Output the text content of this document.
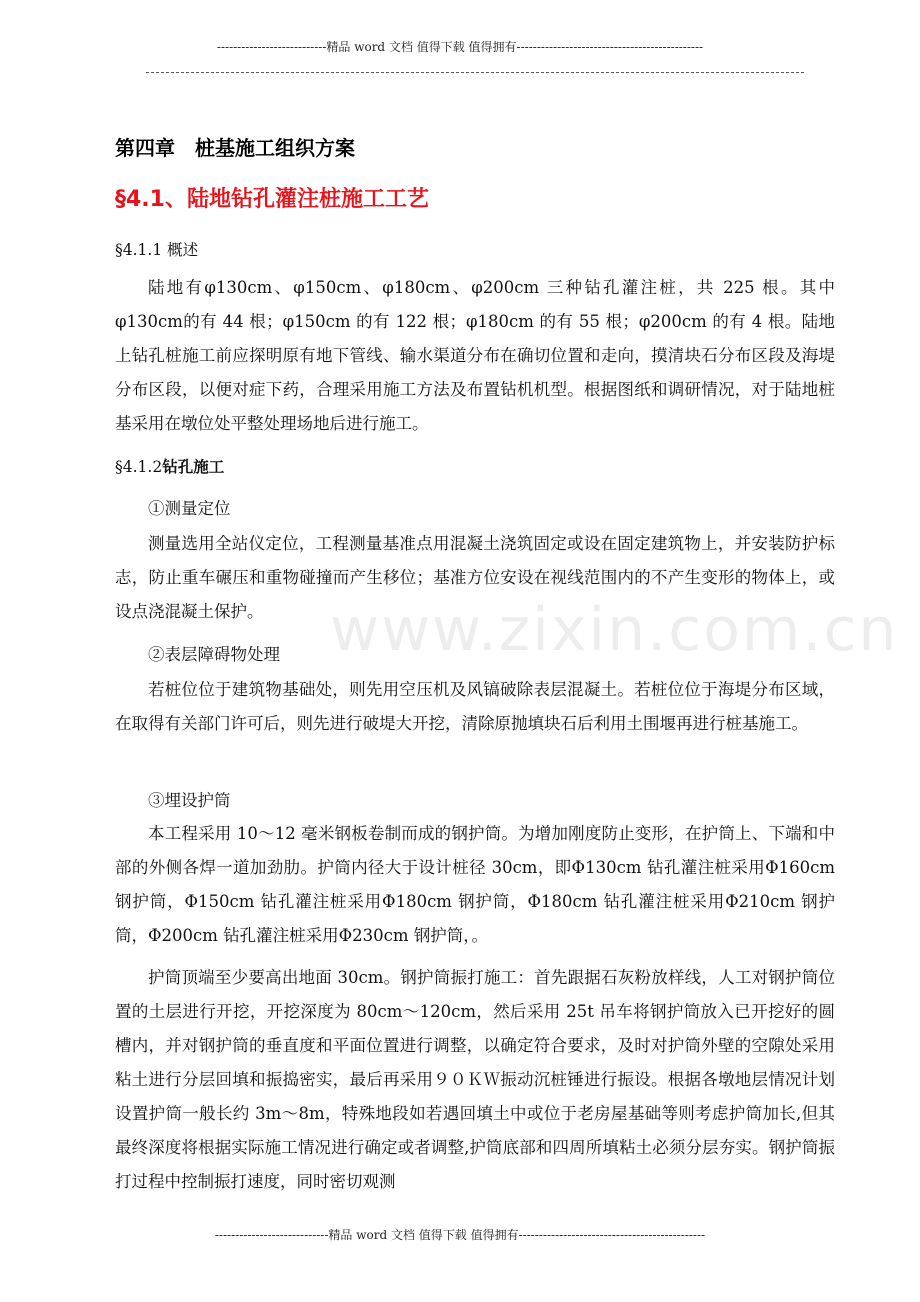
---------------------------精品 word 文档 值得下载 值得拥有----------------------------------------------
www.zixin.com.cn
第四章　桩基施工组织方案
§4.1、陆地钻孔灌注桩施工工艺
§4.1.1 概述

陆地有φ130cm、φ150cm、φ180cm、φ200cm 三种钻孔灌注桩，共 225 根。其中φ130cm的有 44 根；φ150cm 的有 122 根；φ180cm 的有 55 根；φ200cm 的有 4 根。陆地上钻孔桩施工前应探明原有地下管线、输水渠道分布在确切位置和走向，摸清块石分布区段及海堤分布区段，以便对症下药，合理采用施工方法及布置钻机机型。根据图纸和调研情况，对于陆地桩基采用在墩位处平整处理场地后进行施工。

§4.1.2钻孔施工
①测量定位

测量选用全站仪定位，工程测量基准点用混凝土浇筑固定或设在固定建筑物上，并安装防护标志，防止重车碾压和重物碰撞而产生移位；基准方位安设在视线范围内的不产生变形的物体上，或设点浇混凝土保护。

②表层障碍物处理

若桩位位于建筑物基础处，则先用空压机及风镐破除表层混凝土。若桩位位于海堤分布区域，在取得有关部门许可后，则先进行破堤大开挖，清除原抛填块石后利用土围堰再进行桩基施工。

③埋设护筒

本工程采用 10～12 毫米钢板卷制而成的钢护筒。为增加刚度防止变形，在护筒上、下端和中部的外侧各焊一道加劲肋。护筒内径大于设计桩径 30cm，即Φ130cm 钻孔灌注桩采用Φ160cm 钢护筒，Φ150cm 钻孔灌注桩采用Φ180cm 钢护筒，Φ180cm 钻孔灌注桩采用Φ210cm 钢护筒，Φ200cm 钻孔灌注桩采用Φ230cm 钢护筒，。

护筒顶端至少要高出地面 30cm。钢护筒振打施工：首先跟据石灰粉放样线，人工对钢护筒位置的土层进行开挖，开挖深度为 80cm～120cm，然后采用 25t 吊车将钢护筒放入已开挖好的圆槽内，并对钢护筒的垂直度和平面位置进行调整，以确定符合要求，及时对护筒外壁的空隙处采用粘土进行分层回填和振捣密实，最后再采用９０ＫＷ振动沉桩锤进行振设。根据各墩地层情况计划设置护筒一般长约 3m～8m，特殊地段如若遇回填土中或位于老房屋基础等则考虑护筒加长,但其最终深度将根据实际施工情况进行确定或者调整,护筒底部和四周所填粘土必须分层夯实。钢护筒振打过程中控制振打速度，同时密切观测

----------------------------精品 word 文档 值得下载 值得拥有----------------------------------------------
